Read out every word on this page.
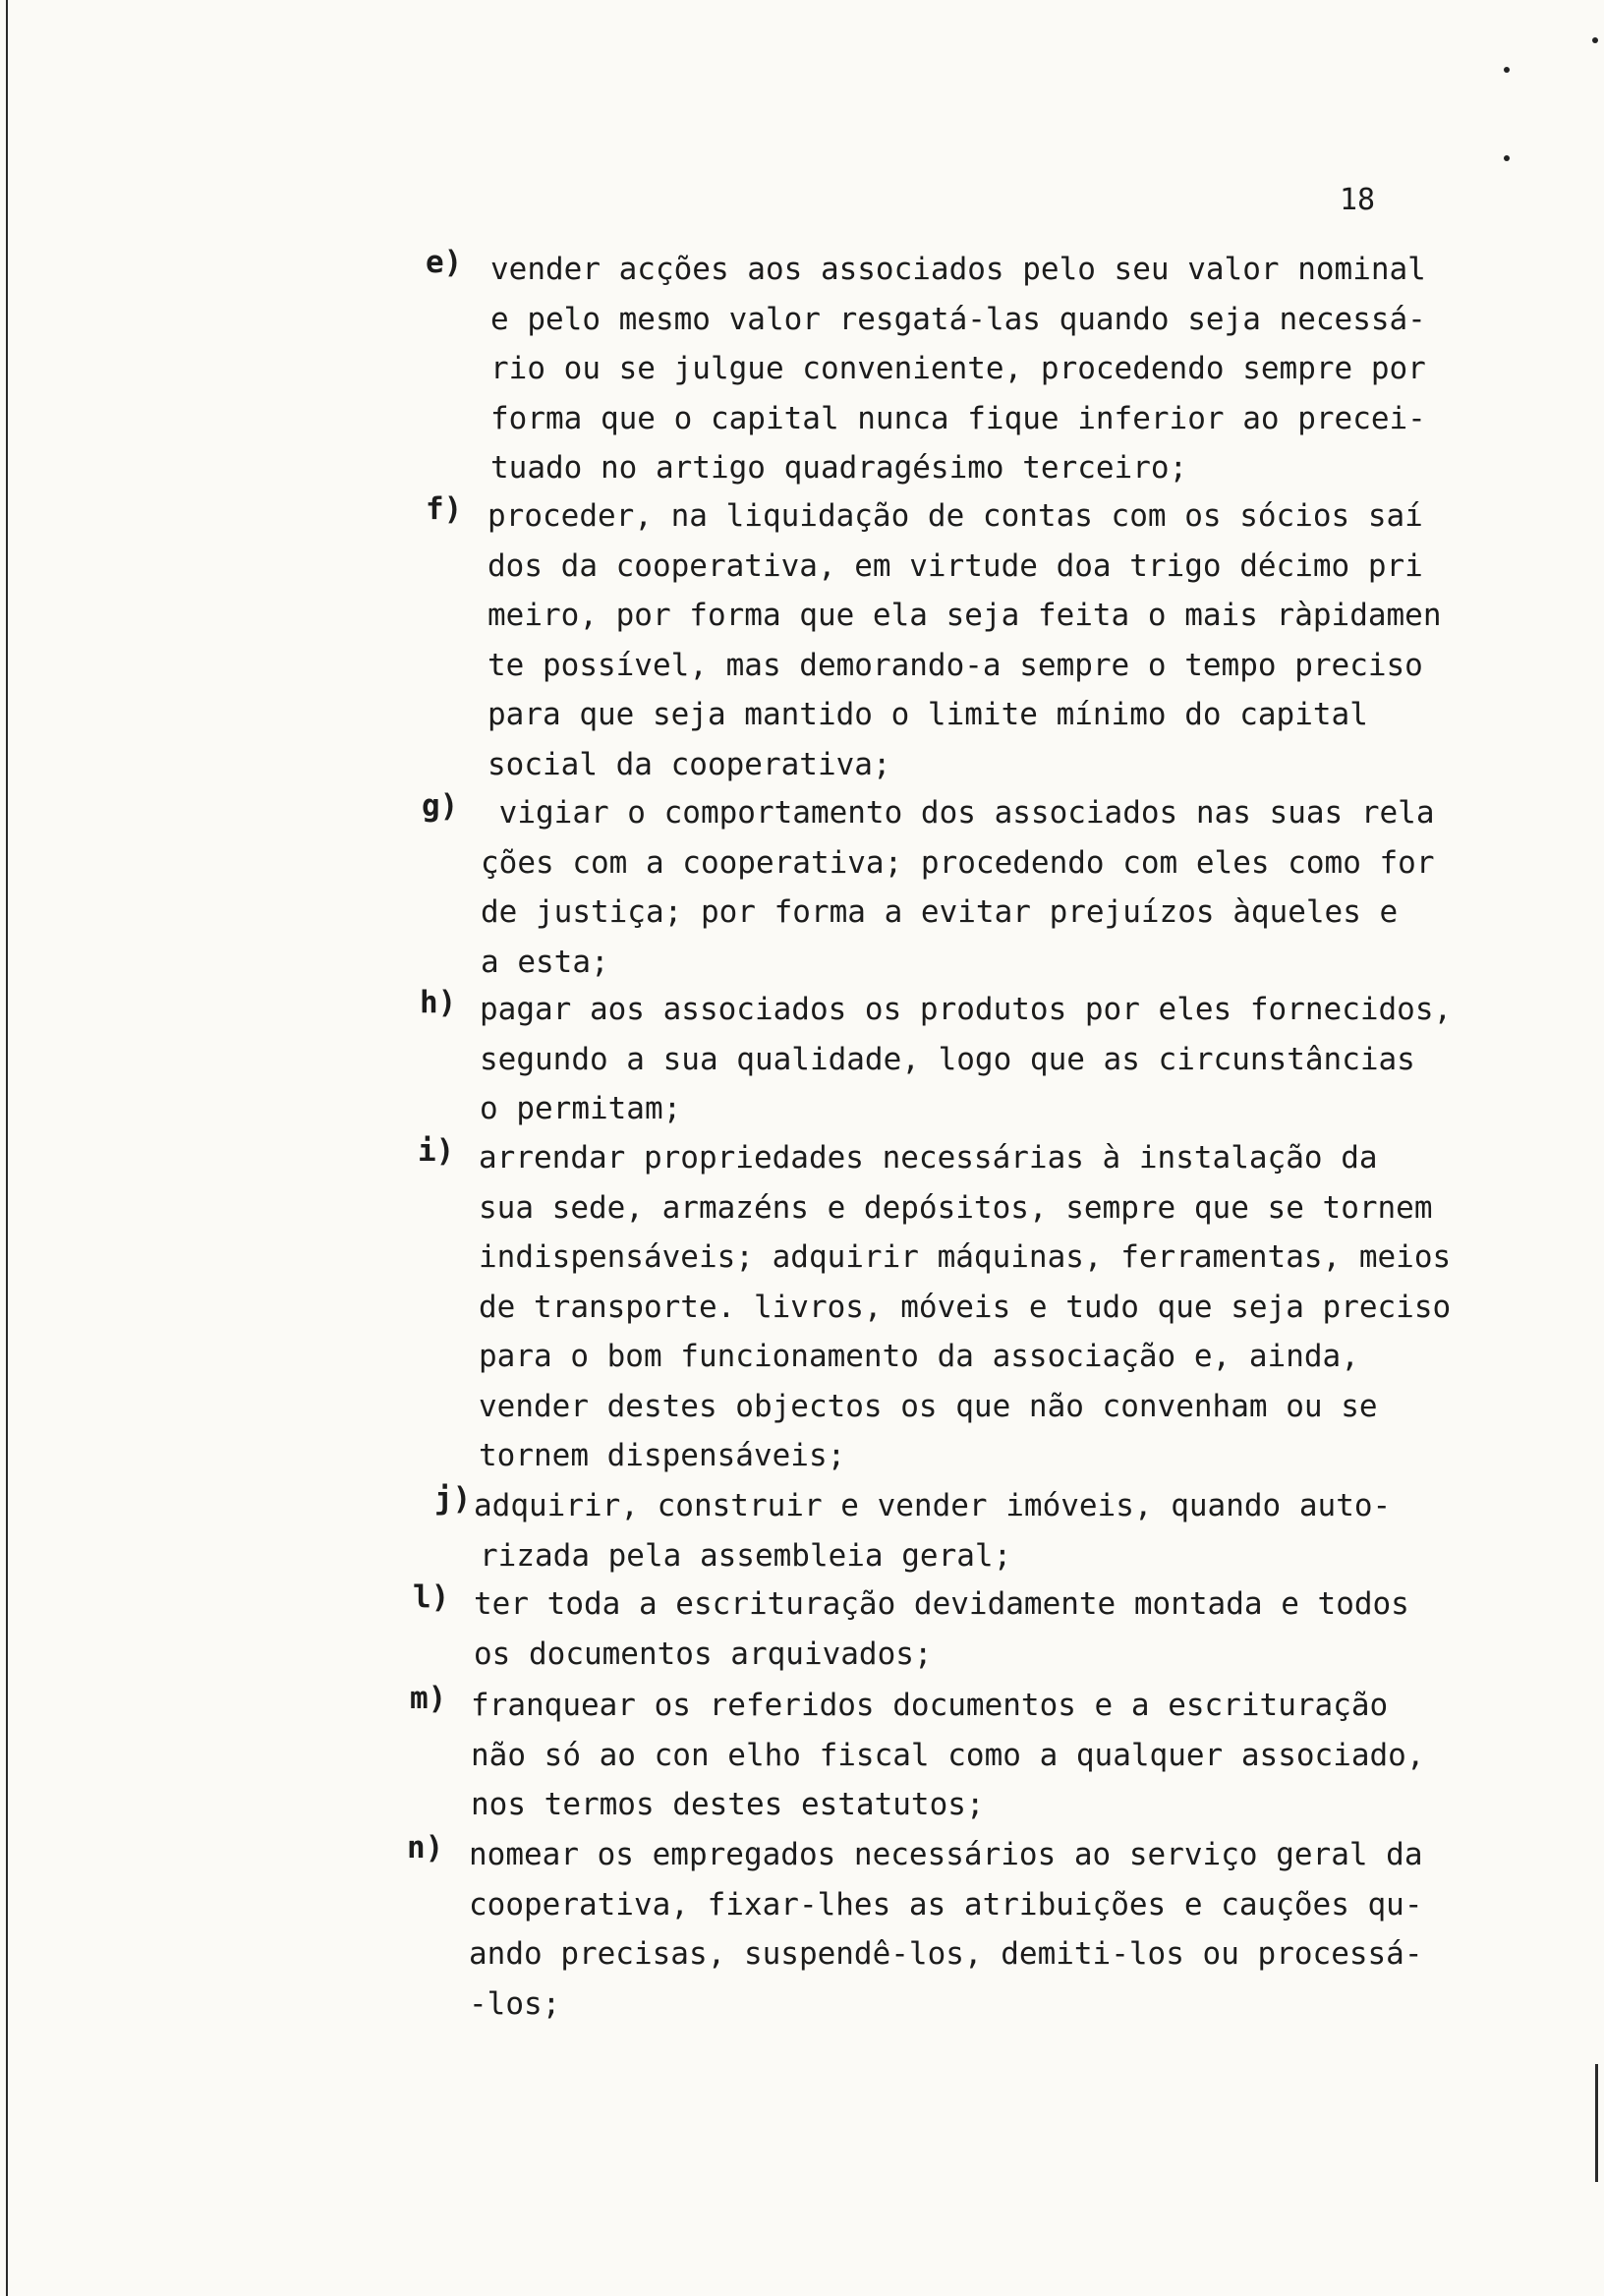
18
e) vender acções aos associados pelo seu valor nominal
e pelo mesmo valor resgatá-las quando seja necessá-
rio ou se julgue conveniente, procedendo sempre por
forma que o capital nunca fique inferior ao precei-
tuado no artigo quadragésimo terceiro;
f) proceder, na liquidação de contas com os sócios saí
dos da cooperativa, em virtude doa trigo décimo pri
meiro, por forma que ela seja feita o mais ràpidamen
te possível, mas demorando-a sempre o tempo preciso
para que seja mantido o limite mínimo do capital
social da cooperativa;
g) vigiar o comportamento dos associados nas suas rela
ções com a cooperativa; procedendo com eles como for
de justiça; por forma a evitar prejuízos àqueles e
a esta;
h) pagar aos associados os produtos por eles fornecidos,
segundo a sua qualidade, logo que as circunstâncias
o permitam;
i) arrendar propriedades necessárias à instalação da
sua sede, armazéns e depósitos, sempre que se tornem
indispensáveis; adquirir máquinas, ferramentas, meios
de transporte. livros, móveis e tudo que seja preciso
para o bom funcionamento da associação e, ainda,
vender destes objectos os que não convenham ou se
tornem dispensáveis;
j) adquirir, construir e vender imóveis, quando auto-
rizada pela assembleia geral;
l) ter toda a escrituração devidamente montada e todos
os documentos arquivados;
m) franquear os referidos documentos e a escrituração
não só ao con elho fiscal como a qualquer associado,
nos termos destes estatutos;
n) nomear os empregados necessários ao serviço geral da
cooperativa, fixar-lhes as atribuições e cauções qu-
ando precisas, suspendê-los, demiti-los ou processá-
-los;
